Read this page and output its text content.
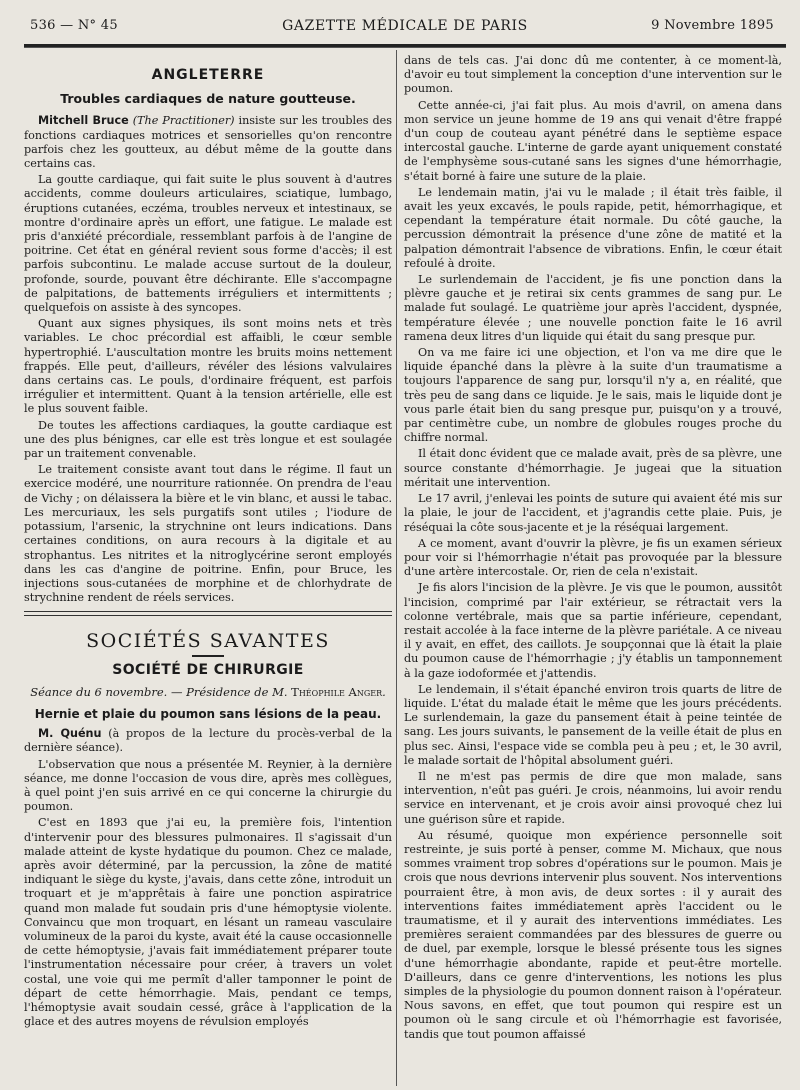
536 — N° 45	GAZETTE MÉDICALE DE PARIS	9 Novembre 1895
ANGLETERRE
Troubles cardiaques de nature goutteuse.

Mitchell Bruce (The Practitioner) insiste sur les troubles des fonctions cardiaques motrices et sensorielles qu'on rencontre parfois chez les goutteux, au début même de la goutte dans certains cas.

La goutte cardiaque, qui fait suite le plus souvent à d'autres accidents, comme douleurs articulaires, sciatique, lumbago, éruptions cutanées, eczéma, troubles nerveux et intestinaux, se montre d'ordinaire après un effort, une fatigue. Le malade est pris d'anxiété précordiale, ressemblant parfois à de l'angine de poitrine. Cet état en général revient sous forme d'accès; il est parfois subcontinu. Le malade accuse surtout de la douleur, profonde, sourde, pouvant être déchirante. Elle s'accompagne de palpitations, de battements irréguliers et intermittents ; quelquefois on assiste à des syncopes.

Quant aux signes physiques, ils sont moins nets et très variables. Le choc précordial est affaibli, le cœur semble hypertrophié. L'auscultation montre les bruits moins nettement frappés. Elle peut, d'ailleurs, révéler des lésions valvulaires dans certains cas. Le pouls, d'ordinaire fréquent, est parfois irrégulier et intermittent. Quant à la tension artérielle, elle est le plus souvent faible.

De toutes les affections cardiaques, la goutte cardiaque est une des plus bénignes, car elle est très longue et est soulagée par un traitement convenable.

Le traitement consiste avant tout dans le régime. Il faut un exercice modéré, une nourriture rationnée. On prendra de l'eau de Vichy ; on délaissera la bière et le vin blanc, et aussi le tabac. Les mercuriaux, les sels purgatifs sont utiles ; l'iodure de potassium, l'arsenic, la strychnine ont leurs indications. Dans certaines conditions, on aura recours à la digitale et au strophantus. Les nitrites et la nitroglycérine seront employés dans les cas d'angine de poitrine. Enfin, pour Bruce, les injections sous-cutanées de morphine et de chlorhydrate de strychnine rendent de réels services.

SOCIÉTÉS SAVANTES
SOCIÉTÉ DE CHIRURGIE
Séance du 6 novembre. — Présidence de M. Théophile Anger.
Hernie et plaie du poumon sans lésions de la peau.

M. Quénu (à propos de la lecture du procès-verbal de la dernière séance).

L'observation que nous a présentée M. Reynier, à la dernière séance, me donne l'occasion de vous dire, après mes collègues, à quel point j'en suis arrivé en ce qui concerne la chirurgie du poumon.

C'est en 1893 que j'ai eu, la première fois, l'intention d'intervenir pour des blessures pulmonaires. Il s'agissait d'un malade atteint de kyste hydatique du poumon. Chez ce malade, après avoir déterminé, par la percussion, la zône de matité indiquant le siège du kyste, j'avais, dans cette zône, introduit un troquart et je m'apprêtais à faire une ponction aspiratrice quand mon malade fut soudain pris d'une hémoptysie violente. Convaincu que mon troquart, en lésant un rameau vasculaire volumineux de la paroi du kyste, avait été la cause occasionnelle de cette hémoptysie, j'avais fait immédiatement préparer toute l'instrumentation nécessaire pour créer, à travers un volet costal, une voie qui me permît d'aller tamponner le point de départ de cette hémorrhagie. Mais, pendant ce temps, l'hémoptysie avait soudain cessé, grâce à l'application de la glace et des autres moyens de révulsion employés

dans de tels cas. J'ai donc dû me contenter, à ce moment-là, d'avoir eu tout simplement la conception d'une intervention sur le poumon.

Cette année-ci, j'ai fait plus. Au mois d'avril, on amena dans mon service un jeune homme de 19 ans qui venait d'être frappé d'un coup de couteau ayant pénétré dans le septième espace intercostal gauche. L'interne de garde ayant uniquement constaté de l'emphysème sous-cutané sans les signes d'une hémorrhagie, s'était borné à faire une suture de la plaie.

Le lendemain matin, j'ai vu le malade ; il était très faible, il avait les yeux excavés, le pouls rapide, petit, hémorrhagique, et cependant la température était normale. Du côté gauche, la percussion démontrait la présence d'une zône de matité et la palpation démontrait l'absence de vibrations. Enfin, le cœur était refoulé à droite.

Le surlendemain de l'accident, je fis une ponction dans la plèvre gauche et je retirai six cents grammes de sang pur. Le malade fut soulagé. Le quatrième jour après l'accident, dyspnée, température élevée ; une nouvelle ponction faite le 16 avril ramena deux litres d'un liquide qui était du sang presque pur.

On va me faire ici une objection, et l'on va me dire que le liquide épanché dans la plèvre à la suite d'un traumatisme a toujours l'apparence de sang pur, lorsqu'il n'y a, en réalité, que très peu de sang dans ce liquide. Je le sais, mais le liquide dont je vous parle était bien du sang presque pur, puisqu'on y a trouvé, par centimètre cube, un nombre de globules rouges proche du chiffre normal.

Il était donc évident que ce malade avait, près de sa plèvre, une source constante d'hémorrhagie. Je jugeai que la situation méritait une intervention.

Le 17 avril, j'enlevai les points de suture qui avaient été mis sur la plaie, le jour de l'accident, et j'agrandis cette plaie. Puis, je réséquai la côte sous-jacente et je la réséquai largement.

A ce moment, avant d'ouvrir la plèvre, je fis un examen sérieux pour voir si l'hémorrhagie n'était pas provoquée par la blessure d'une artère intercostale. Or, rien de cela n'existait.

Je fis alors l'incision de la plèvre. Je vis que le poumon, aussitôt l'incision, comprimé par l'air extérieur, se rétractait vers la colonne vertébrale, mais que sa partie inférieure, cependant, restait accolée à la face interne de la plèvre pariétale. A ce niveau il y avait, en effet, des caillots. Je soupçonnai que là était la plaie du poumon cause de l'hémorrhagie ; j'y établis un tamponnement à la gaze iodoformée et j'attendis.

Le lendemain, il s'était épanché environ trois quarts de litre de liquide. L'état du malade était le même que les jours précédents. Le surlendemain, la gaze du pansement était à peine teintée de sang. Les jours suivants, le pansement de la veille était de plus en plus sec. Ainsi, l'espace vide se combla peu à peu ; et, le 30 avril, le malade sortait de l'hôpital absolument guéri.

Il ne m'est pas permis de dire que mon malade, sans intervention, n'eût pas guéri. Je crois, néanmoins, lui avoir rendu service en intervenant, et je crois avoir ainsi provoqué chez lui une guérison sûre et rapide.

Au résumé, quoique mon expérience personnelle soit restreinte, je suis porté à penser, comme M. Michaux, que nous sommes vraiment trop sobres d'opérations sur le poumon. Mais je crois que nous devrions intervenir plus souvent. Nos interventions pourraient être, à mon avis, de deux sortes : il y aurait des interventions faites immédiatement après l'accident ou le traumatisme, et il y aurait des interventions immédiates. Les premières seraient commandées par des blessures de guerre ou de duel, par exemple, lorsque le blessé présente tous les signes d'une hémorrhagie abondante, rapide et peut-être mortelle. D'ailleurs, dans ce genre d'interventions, les notions les plus simples de la physiologie du poumon donnent raison à l'opérateur. Nous savons, en effet, que tout poumon qui respire est un poumon où le sang circule et où l'hémorrhagie est favorisée, tandis que tout poumon affaissé
